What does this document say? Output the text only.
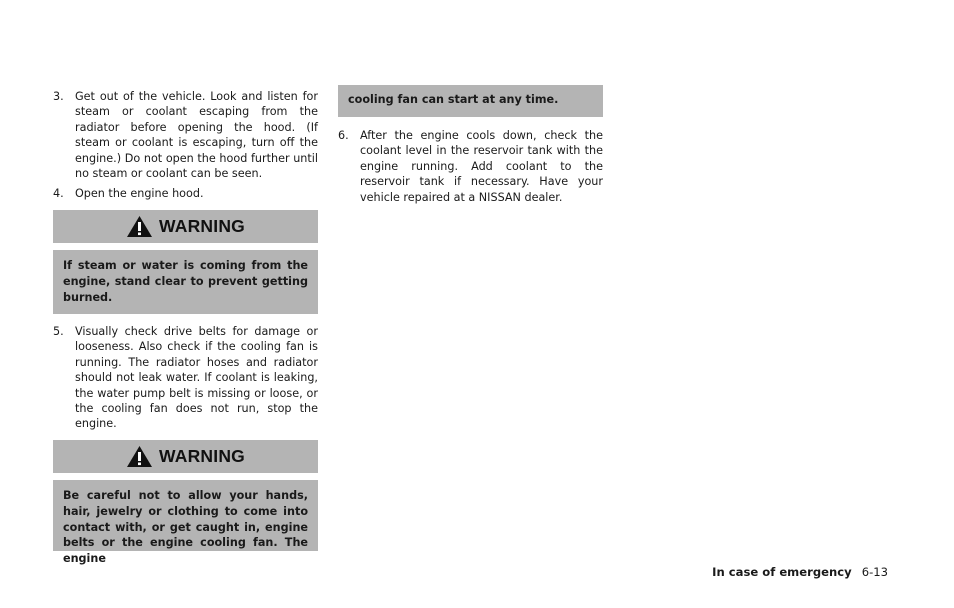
3. Get out of the vehicle. Look and listen for steam or coolant escaping from the radiator before opening the hood. (If steam or coolant is escaping, turn off the engine.) Do not open the hood further until no steam or coolant can be seen.
4. Open the engine hood.
WARNING
If steam or water is coming from the engine, stand clear to prevent getting burned.
5. Visually check drive belts for damage or looseness. Also check if the cooling fan is running. The radiator hoses and radiator should not leak water. If coolant is leaking, the water pump belt is missing or loose, or the cooling fan does not run, stop the engine.
WARNING
Be careful not to allow your hands, hair, jewelry or clothing to come into contact with, or get caught in, engine belts or the engine cooling fan. The engine
cooling fan can start at any time.
6. After the engine cools down, check the coolant level in the reservoir tank with the engine running. Add coolant to the reservoir tank if necessary. Have your vehicle repaired at a NISSAN dealer.
In case of emergency 6-13
